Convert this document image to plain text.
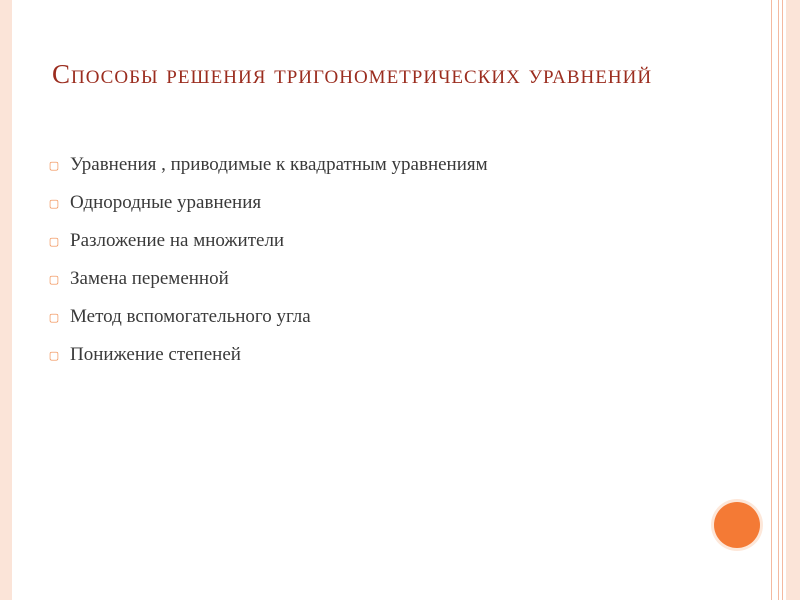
Способы решения тригонометрических уравнений
▢ Уравнения , приводимые к квадратным уравнениям
▢ Однородные уравнения
▢ Разложение на множители
▢ Замена переменной
▢ Метод вспомогательного угла
▢ Понижение степеней
